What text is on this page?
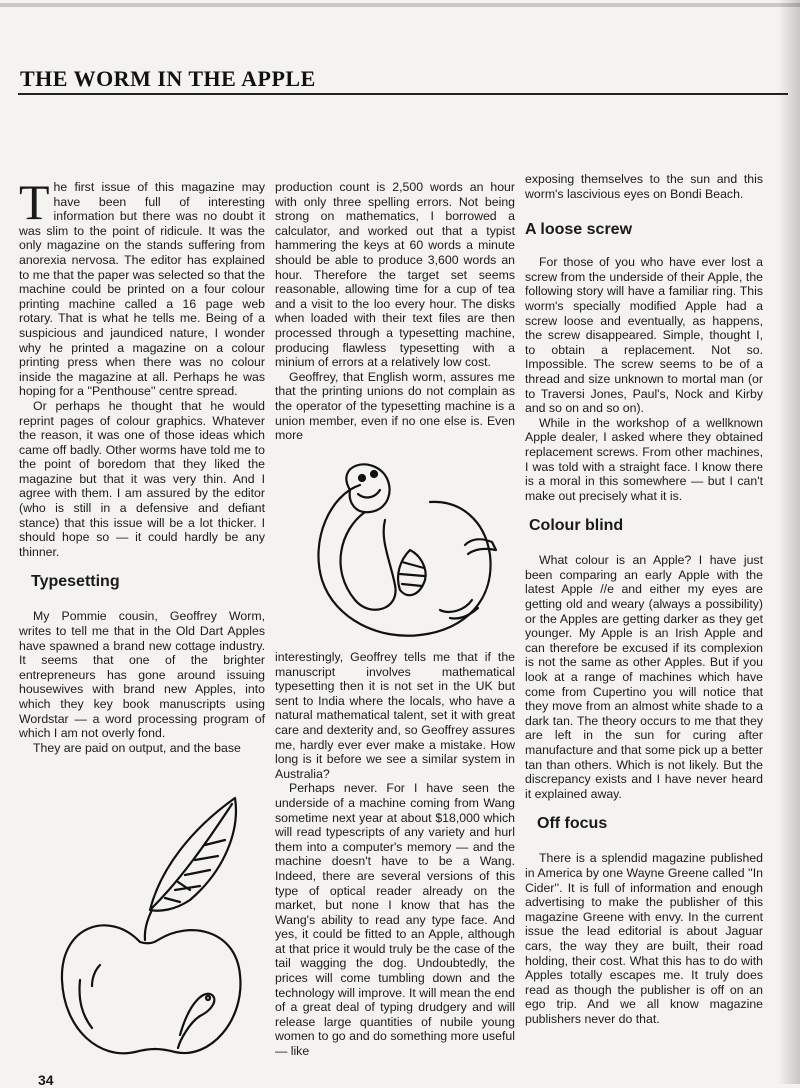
THE WORM IN THE APPLE

The first issue of this magazine may have been full of interesting information but there was no doubt it was slim to the point of ridicule. It was the only magazine on the stands suffering from anorexia nervosa. The editor has explained to me that the paper was selected so that the machine could be printed on a four colour printing machine called a 16 page web rotary. That is what he tells me. Being of a suspicious and jaundiced nature, I wonder why he printed a magazine on a colour printing press when there was no colour inside the magazine at all. Perhaps he was hoping for a ''Penthouse'' centre spread.

Or perhaps he thought that he would reprint pages of colour graphics. Whatever the reason, it was one of those ideas which came off badly. Other worms have told me to the point of boredom that they liked the magazine but that it was very thin. And I agree with them. I am assured by the editor (who is still in a defensive and defiant stance) that this issue will be a lot thicker. I should hope so — it could hardly be any thinner.

Typesetting

My Pommie cousin, Geoffrey Worm, writes to tell me that in the Old Dart Apples have spawned a brand new cottage industry. It seems that one of the brighter entrepreneurs has gone around issuing housewives with brand new Apples, into which they key book manuscripts using Wordstar — a word processing program of which I am not overly fond.

They are paid on output, and the base

production count is 2,500 words an hour with only three spelling errors. Not being strong on mathematics, I borrowed a calculator, and worked out that a typist hammering the keys at 60 words a minute should be able to produce 3,600 words an hour. Therefore the target set seems reasonable, allowing time for a cup of tea and a visit to the loo every hour. The disks when loaded with their text files are then processed through a typesetting machine, producing flawless typesetting with a minium of errors at a relatively low cost.

Geoffrey, that English worm, assures me that the printing unions do not complain as the operator of the typesetting machine is a union member, even if no one else is. Even more

interestingly, Geoffrey tells me that if the manuscript involves mathematical typesetting then it is not set in the UK but sent to India where the locals, who have a natural mathematical talent, set it with great care and dexterity and, so Geoffrey assures me, hardly ever ever make a mistake. How long is it before we see a similar system in Australia?

Perhaps never. For I have seen the underside of a machine coming from Wang sometime next year at about $18,000 which will read typescripts of any variety and hurl them into a computer's memory — and the machine doesn't have to be a Wang. Indeed, there are several versions of this type of optical reader already on the market, but none I know that has the Wang's ability to read any type face. And yes, it could be fitted to an Apple, although at that price it would truly be the case of the tail wagging the dog. Undoubtedly, the prices will come tumbling down and the technology will improve. It will mean the end of a great deal of typing drudgery and will release large quantities of nubile young women to go and do something more useful — like

exposing themselves to the sun and this worm's lascivious eyes on Bondi Beach.

A loose screw

For those of you who have ever lost a screw from the underside of their Apple, the following story will have a familiar ring. This worm's specially modified Apple had a screw loose and eventually, as happens, the screw disappeared. Simple, thought I, to obtain a replacement. Not so. Impossible. The screw seems to be of a thread and size unknown to mortal man (or to Traversi Jones, Paul's, Nock and Kirby and so on and so on).

While in the workshop of a wellknown Apple dealer, I asked where they obtained replacement screws. From other machines, I was told with a straight face. I know there is a moral in this somewhere — but I can't make out precisely what it is.

Colour blind

What colour is an Apple? I have just been comparing an early Apple with the latest Apple //e and either my eyes are getting old and weary (always a possibility) or the Apples are getting darker as they get younger. My Apple is an Irish Apple and can therefore be excused if its complexion is not the same as other Apples. But if you look at a range of machines which have come from Cupertino you will notice that they move from an almost white shade to a dark tan. The theory occurs to me that they are left in the sun for curing after manufacture and that some pick up a better tan than others. Which is not likely. But the discrepancy exists and I have never heard it explained away.

Off focus

There is a splendid magazine published in America by one Wayne Greene called ''In Cider''. It is full of information and enough advertising to make the publisher of this magazine Greene with envy. In the current issue the lead editorial is about Jaguar cars, the way they are built, their road holding, their cost. What this has to do with Apples totally escapes me. It truly does read as though the publisher is off on an ego trip. And we all know magazine publishers never do that.

34
